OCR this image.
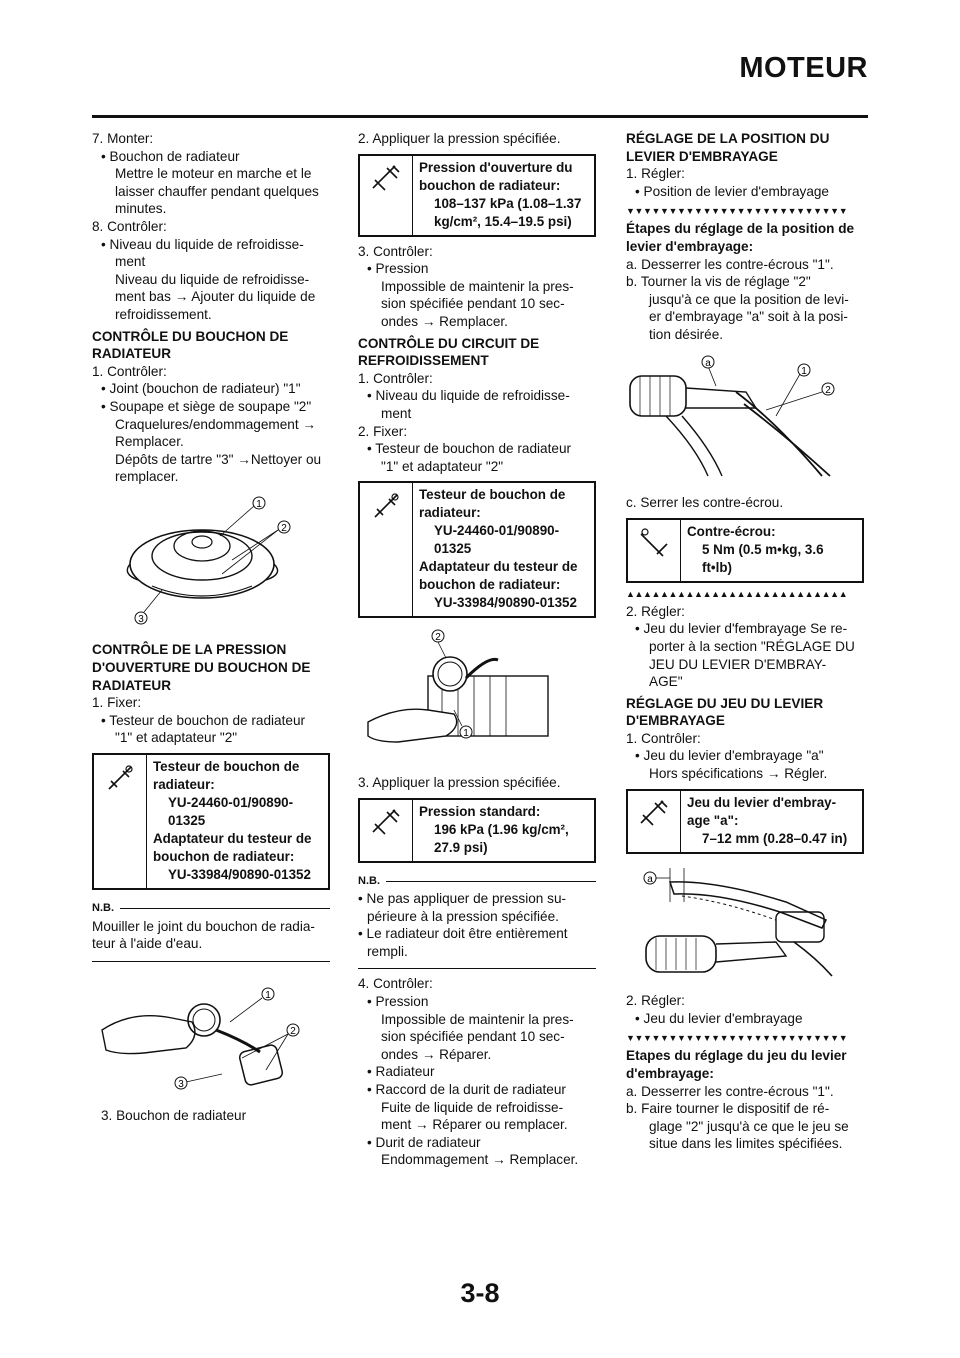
MOTEUR

7. Monter:

• Bouchon de radiateur

Mettre le moteur en marche et le

laisser chauffer pendant quelques

minutes.

8. Contrôler:

• Niveau du liquide de refroidisse-

ment

Niveau du liquide de refroidisse-

ment bas → Ajouter du liquide de

refroidissement.

CONTRÔLE DU BOUCHON DE

RADIATEUR

1. Contrôler:

• Joint (bouchon de radiateur) "1"

• Soupape et siège de soupape "2"

Craquelures/endommagement →

Remplacer.

Dépôts de tartre "3" →Nettoyer ou

remplacer.

1
2
3

CONTRÔLE DE LA PRESSION

D'OUVERTURE DU BOUCHON DE

RADIATEUR

1. Fixer:

• Testeur de bouchon de radiateur

"1" et adaptateur "2"

Testeur de bouchon de
radiateur:
YU-24460-01/90890-
01325
Adaptateur du testeur de
bouchon de radiateur:
YU-33984/90890-01352
N.B.

Mouiller le joint du bouchon de radia-

teur à l'aide d'eau.

1
2
3

3. Bouchon de radiateur

2. Appliquer la pression spécifiée.

Pression d'ouverture du
bouchon de radiateur:
108–137 kPa (1.08–1.37
kg/cm², 15.4–19.5 psi)

3. Contrôler:

• Pression

Impossible de maintenir la pres-

sion spécifiée pendant 10 sec-

ondes → Remplacer.

CONTRÔLE DU CIRCUIT DE

REFROIDISSEMENT

1. Contrôler:

• Niveau du liquide de refroidisse-

ment

2. Fixer:

• Testeur de bouchon de radiateur

"1" et adaptateur "2"

Testeur de bouchon de
radiateur:
YU-24460-01/90890-
01325
Adaptateur du testeur de
bouchon de radiateur:
YU-33984/90890-01352
2
1

3. Appliquer la pression spécifiée.

Pression standard:
196 kPa (1.96 kg/cm²,
27.9 psi)
N.B.

• Ne pas appliquer de pression su-

périeure à la pression spécifiée.

• Le radiateur doit être entièrement

rempli.

4. Contrôler:

• Pression

Impossible de maintenir la pres-

sion spécifiée pendant 10 sec-

ondes → Réparer.

• Radiateur

• Raccord de la durit de radiateur

Fuite de liquide de refroidisse-

ment → Réparer ou remplacer.

• Durit de radiateur

Endommagement → Remplacer.

RÉGLAGE DE LA POSITION DU

LEVIER D'EMBRAYAGE

1. Régler:

• Position de levier d'embrayage

▼▼▼▼▼▼▼▼▼▼▼▼▼▼▼▼▼▼▼▼▼▼▼▼▼▼

Étapes du réglage de la position de

levier d'embrayage:

a. Desserrer les contre-écrous "1".

b. Tourner la vis de réglage "2"

jusqu'à ce que la position de levi-

er d'embrayage "a" soit à la posi-

tion désirée.

a
1
2

c. Serrer les contre-écrou.

Contre-écrou:
5 Nm (0.5 m•kg, 3.6
ft•lb)
▲▲▲▲▲▲▲▲▲▲▲▲▲▲▲▲▲▲▲▲▲▲▲▲▲▲

2. Régler:

• Jeu du levier d'fembrayage Se re-

porter à la section "RÉGLAGE DU

JEU DU LEVIER D'EMBRAY-

AGE"

RÉGLAGE DU JEU DU LEVIER

D'EMBRAYAGE

1. Contrôler:

• Jeu du levier d'embrayage "a"

Hors spécifications → Régler.

Jeu du levier d'embray-
age "a":
7–12 mm (0.28–0.47 in)
a

2. Régler:

• Jeu du levier d'embrayage

▼▼▼▼▼▼▼▼▼▼▼▼▼▼▼▼▼▼▼▼▼▼▼▼▼▼

Etapes du réglage du jeu du levier

d'embrayage:

a. Desserrer les contre-écrous "1".

b. Faire tourner le dispositif de ré-

glage "2" jusqu'à ce que le jeu se

situe dans les limites spécifiées.

3-8
